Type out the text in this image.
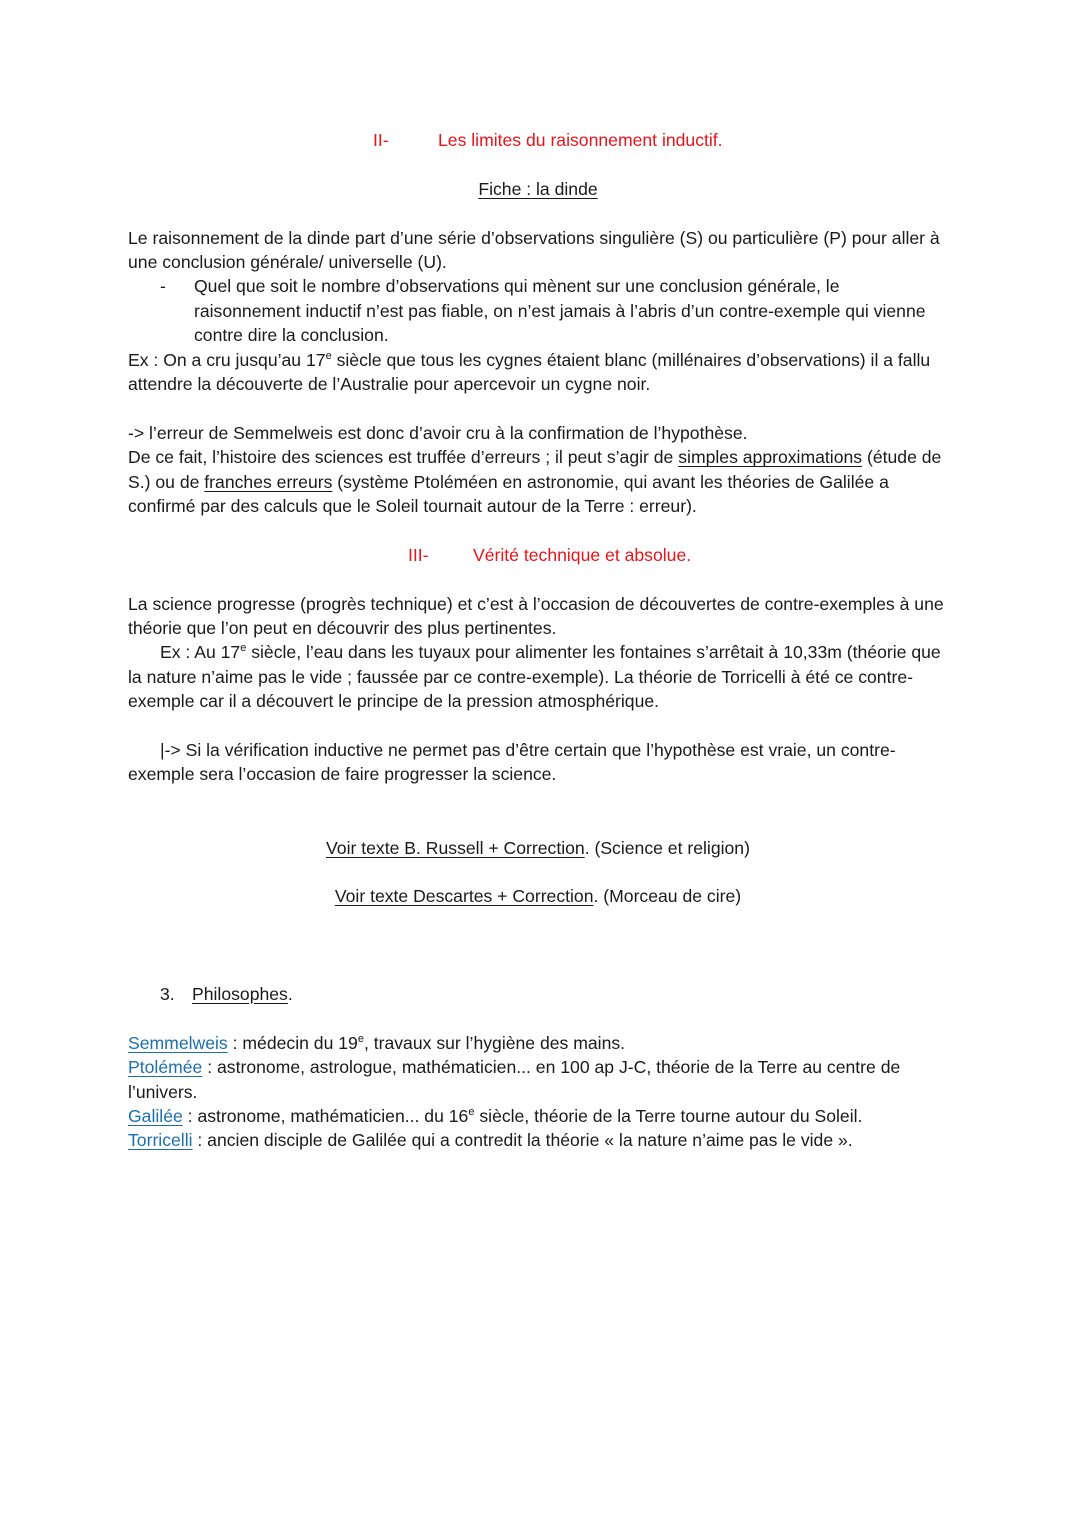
II-	Les limites du raisonnement inductif.

Fiche : la dinde

Le raisonnement de la dinde part d’une série d’observations singulière (S) ou particulière (P) pour aller à une conclusion générale/ universelle (U).

- Quel que soit le nombre d’observations qui mènent sur une conclusion générale, le raisonnement inductif n’est pas fiable, on n’est jamais à l’abris d’un contre-exemple qui vienne contre dire la conclusion.

Ex : On a cru jusqu’au 17e siècle que tous les cygnes étaient blanc (millénaires d’observations) il a fallu attendre la découverte de l’Australie pour apercevoir un cygne noir.

-> l’erreur de Semmelweis est donc d’avoir cru à la confirmation de l’hypothèse.

De ce fait, l’histoire des sciences est truffée d’erreurs ; il peut s’agir de simples approximations (étude de S.) ou de franches erreurs (système Ptoléméen en astronomie, qui avant les théories de Galilée a confirmé par des calculs que le Soleil tournait autour de la Terre : erreur).

III-	Vérité technique et absolue.

La science progresse (progrès technique) et c’est à l’occasion de découvertes de contre-exemples à une théorie que l’on peut en découvrir des plus pertinentes.

Ex : Au 17e siècle, l’eau dans les tuyaux pour alimenter les fontaines s’arrêtait à 10,33m (théorie que la nature n’aime pas le vide ; faussée par ce contre-exemple). La théorie de Torricelli à été ce contre-exemple car il a découvert le principe de la pression atmosphérique.

|-> Si la vérification inductive ne permet pas d’être certain que l’hypothèse est vraie, un contre-exemple sera l’occasion de faire progresser la science.

Voir texte B. Russell + Correction. (Science et religion)

Voir texte Descartes + Correction. (Morceau de cire)

3. Philosophes.

Semmelweis : médecin du 19e, travaux sur l’hygiène des mains.

Ptolémée : astronome, astrologue, mathématicien... en 100 ap J-C, théorie de la Terre au centre de l’univers.

Galilée : astronome, mathématicien... du 16e siècle, théorie de la Terre tourne autour du Soleil.

Torricelli : ancien disciple de Galilée qui a contredit la théorie « la nature n’aime pas le vide ».
